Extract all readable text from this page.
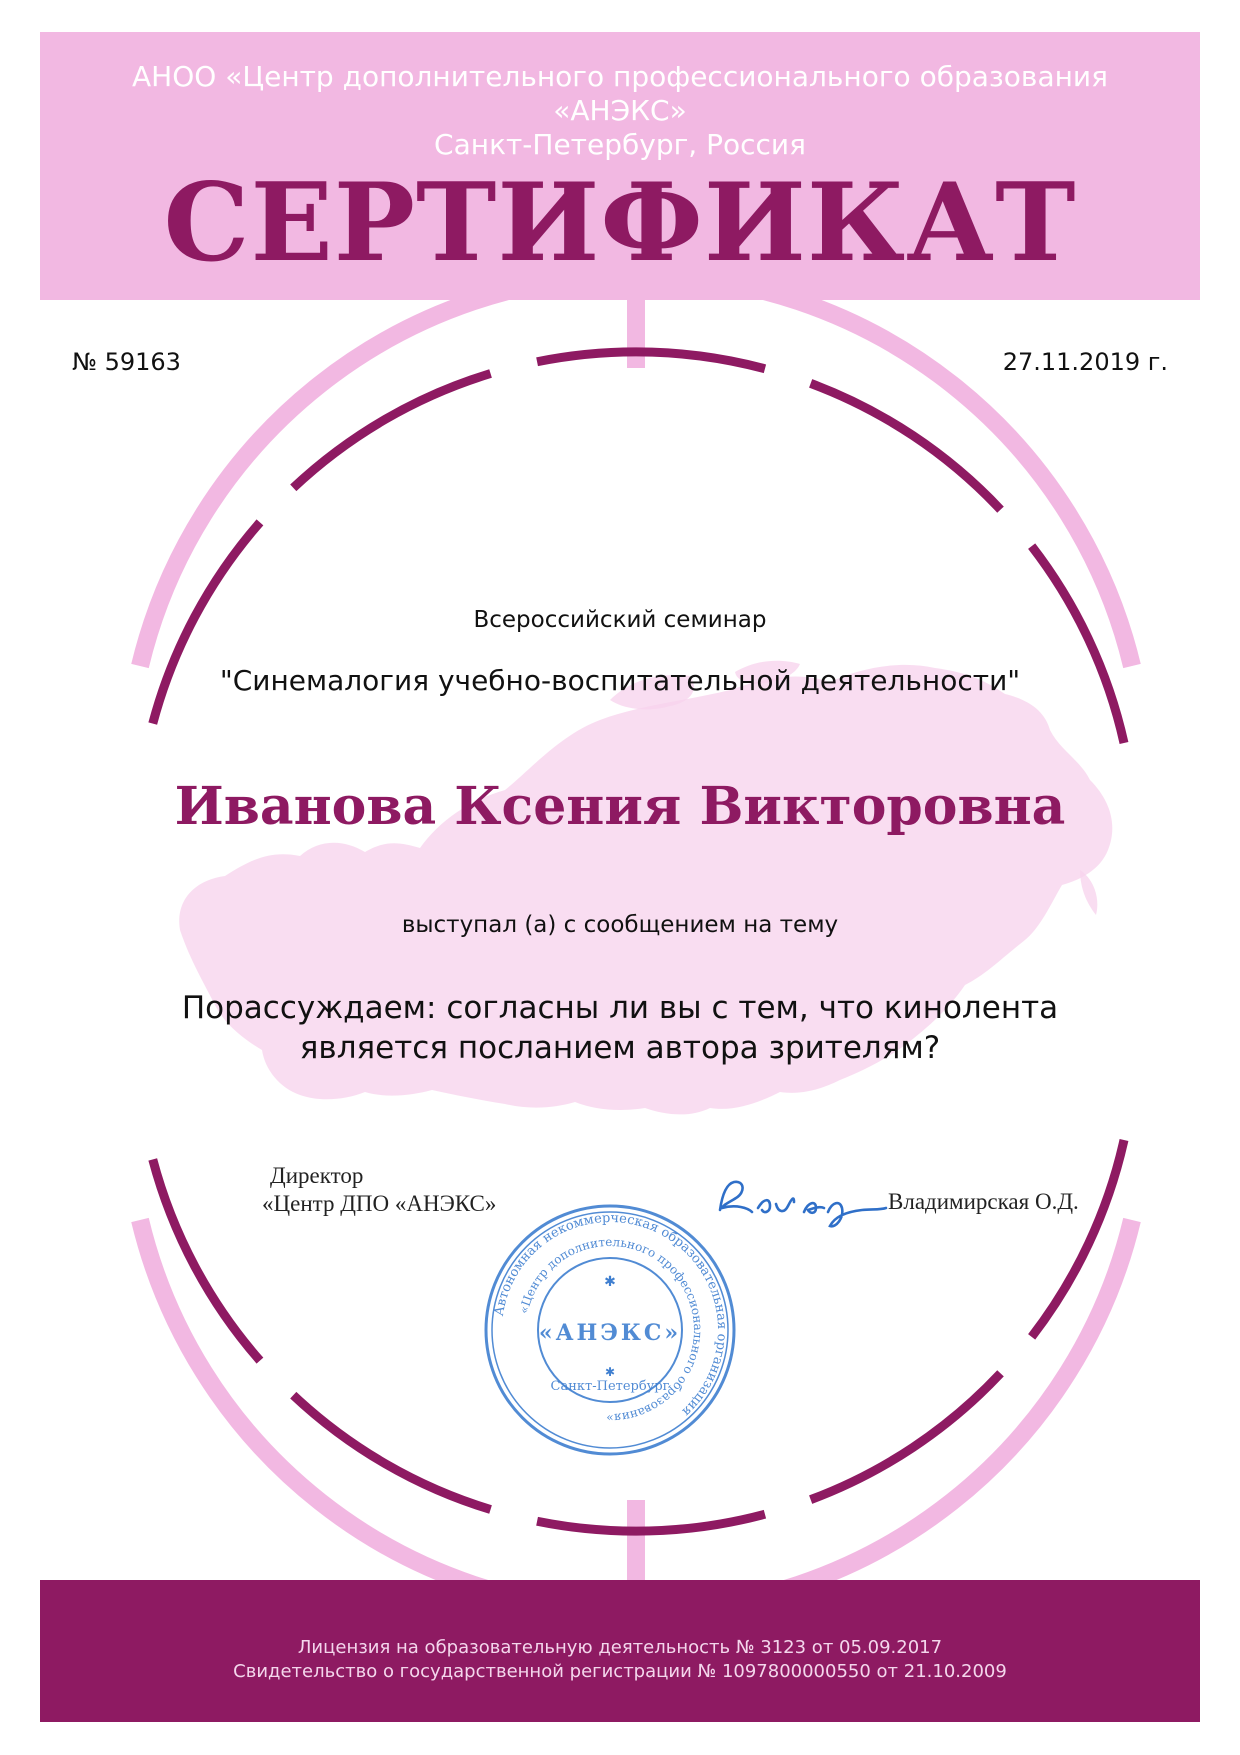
АНОО «Центр дополнительного профессионального образования
«АНЭКС»
Санкт-Петербург, Россия
СЕРТИФИКАТ
№ 59163	27.11.2019 г.
Всероссийский семинар
"Синемалогия учебно-воспитательной деятельности"
Иванова Ксения Викторовна
выступал (а) с сообщением на тему
Порассуждаем: согласны ли вы с тем, что кинолента
является посланием автора зрителям?
Директор
«Центр ДПО «АНЭКС»	Владимирская О.Д.
Автономная некоммерческая образовательная организация
«Центр дополнительного профессионального образования»
«АНЭКС»
Санкт-Петербург
✱
✱
Лицензия на образовательную деятельность № 3123 от 05.09.2017
Свидетельство о государственной регистрации № 1097800000550 от 21.10.2009
